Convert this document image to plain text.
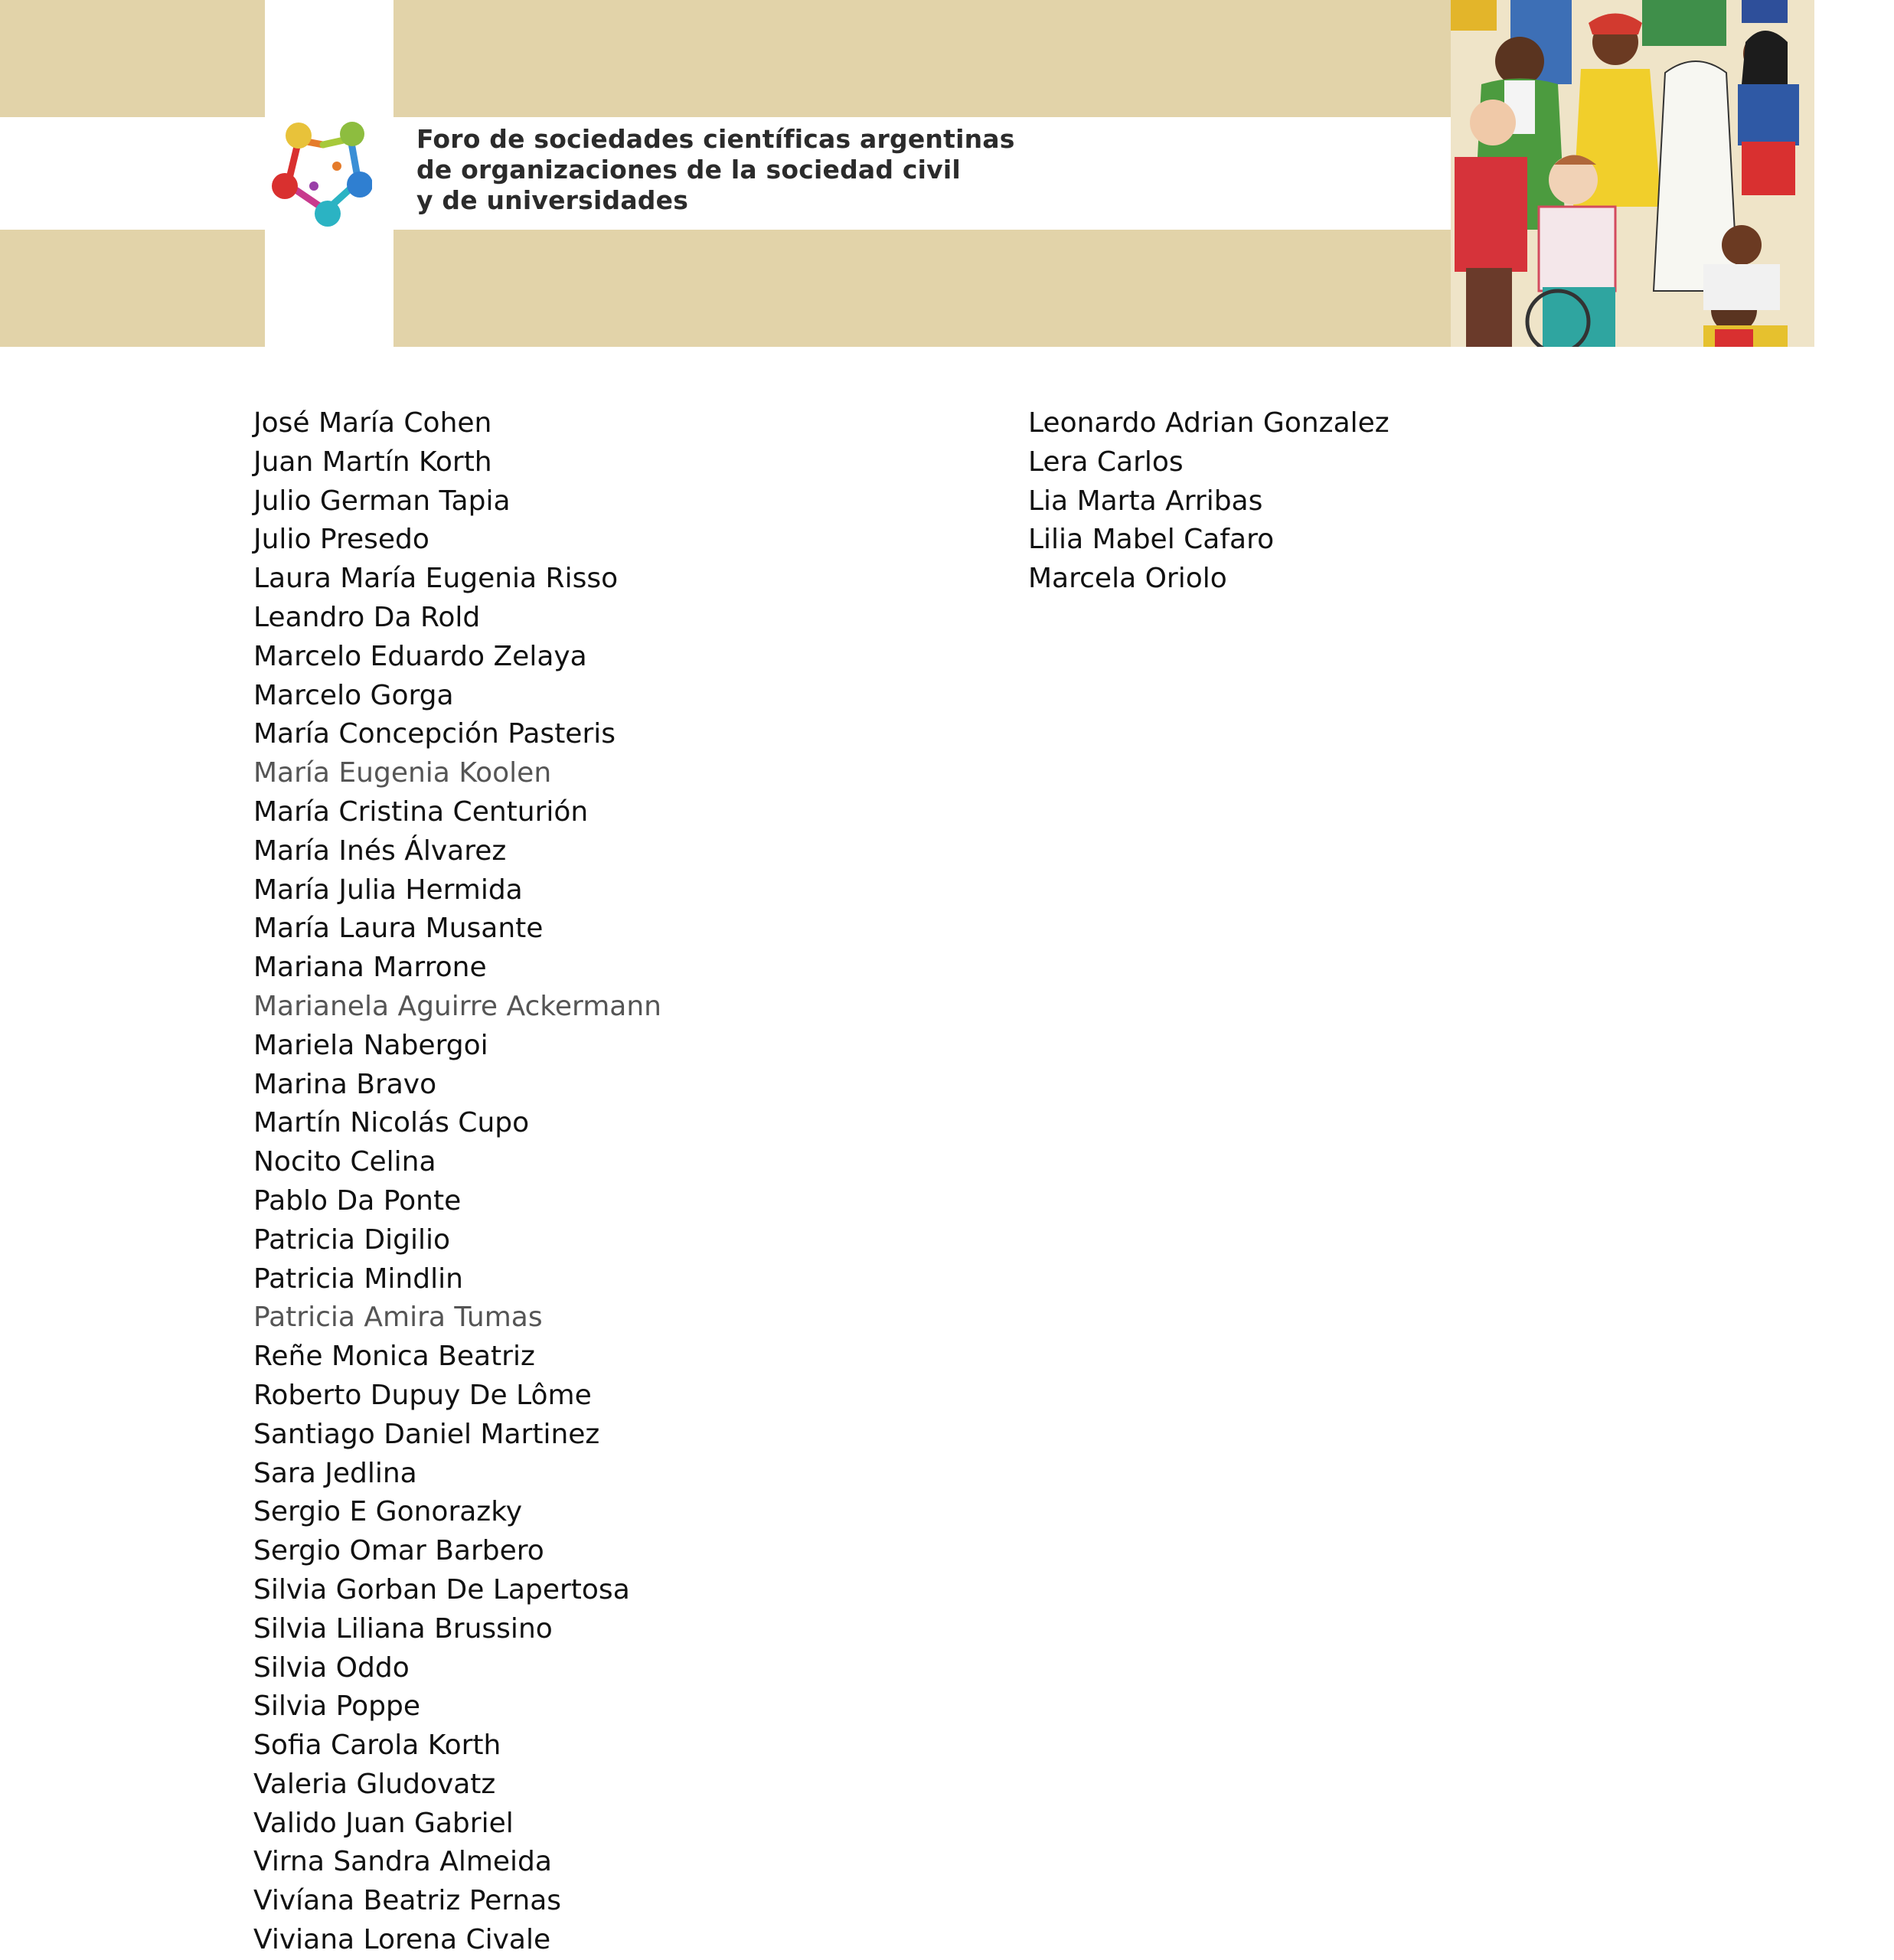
Foro de sociedades científicas argentinas
de organizaciones de la sociedad civil
y de universidades
José María Cohen
Juan Martín Korth
Julio German Tapia
Julio Presedo
Laura María Eugenia Risso
Leandro Da Rold
Marcelo Eduardo Zelaya
Marcelo Gorga
María Concepción Pasteris
María Eugenia Koolen
María Cristina Centurión
María Inés Álvarez
María Julia Hermida
María Laura Musante
Mariana Marrone
Marianela Aguirre Ackermann
Mariela Nabergoi
Marina Bravo
Martín Nicolás Cupo
Nocito Celina
Pablo Da Ponte
Patricia Digilio
Patricia Mindlin
Patricia Amira Tumas
Reñe Monica Beatriz
Roberto Dupuy De Lôme
Santiago Daniel Martinez
Sara Jedlina
Sergio E Gonorazky
Sergio Omar Barbero
Silvia Gorban De Lapertosa
Silvia Liliana Brussino
Silvia Oddo
Silvia Poppe
Sofia Carola Korth
Valeria Gludovatz
Valido Juan Gabriel
Virna Sandra Almeida
Vivíana Beatriz Pernas
Viviana Lorena Civale
Leonardo Adrian Gonzalez
Lera Carlos
Lia Marta Arribas
Lilia Mabel Cafaro
Marcela Oriolo
